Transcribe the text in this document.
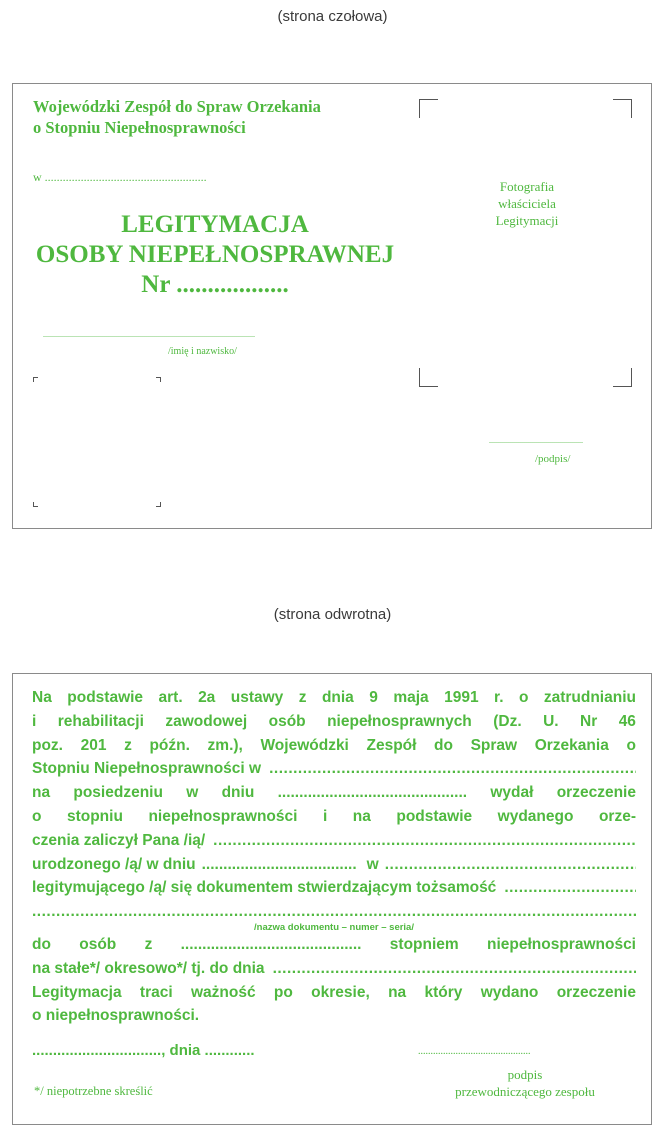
(strona czołowa)
Wojewódzki Zespół do Spraw Orzekania
o Stopniu Niepełnosprawności
w ......................................................
LEGITYMACJA
OSOBY NIEPEŁNOSPRAWNEJ
Nr ..................
..........................................................................................................
/imię i nazwisko/
Fotografia
właściciela
Legitymacji
...............................................
/podpis/
(strona odwrotna)
Na podstawie art. 2a ustawy z dnia 9 maja 1991 r. o zatrudnianiu
i rehabilitacji zawodowej osób niepełnosprawnych (Dz. U. Nr 46
poz. 201 z późn. zm.), Wojewódzki Zespół do Spraw Orzekania o
Stopniu Niepełnosprawności w
.....
na posiedzeniu w dniu ............................................ wydał orzeczenie
o stopniu niepełnosprawności i na podstawie wydanego orze-
czenia zaliczył Pana /ią/
.....
urodzonego /ą/ w dniu .................................... w
.....
legitymującego /ą/ się dokumentem stwierdzającym tożsamość
.....
.....
/nazwa dokumentu – numer – seria/
do osób z .......................................... stopniem niepełnosprawności
na stałe*/ okresowo*/ tj. do dnia
.....
Legitymacja traci ważność po okresie, na który wydano orzeczenie
o niepełnosprawności.
..............................., dnia ............	.............................................
podpis
przewodniczącego zespołu
*/ niepotrzebne skreślić
